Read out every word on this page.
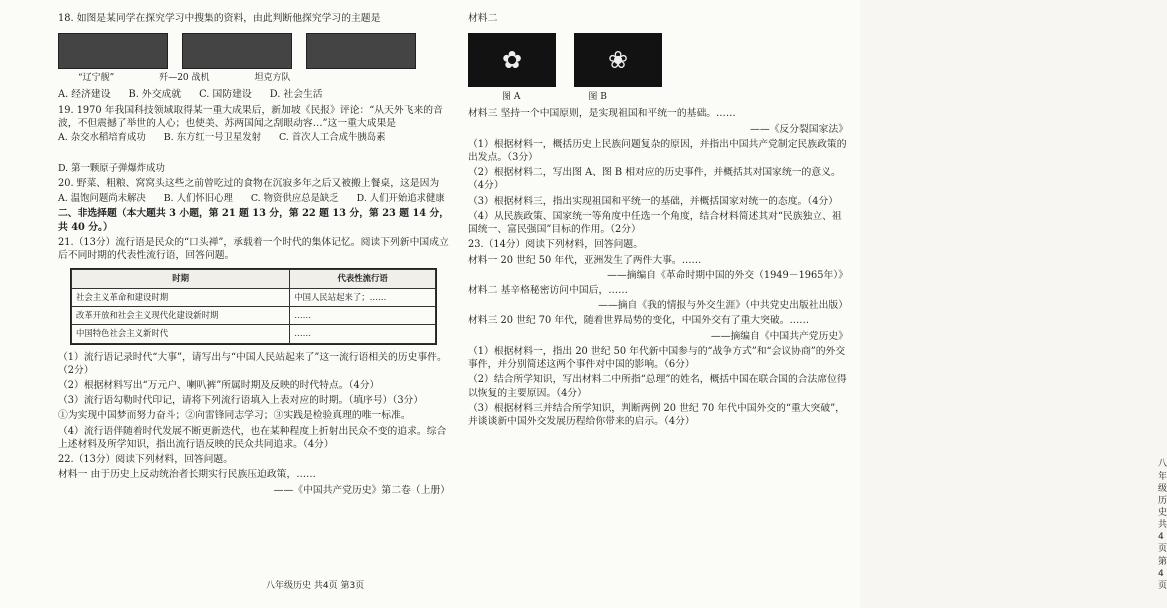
18. 如图是某同学在探究学习中搜集的资料，由此判断他探究学习的主题是
“辽宁舰”	歼—20 战机	坦克方队
A. 经济建设 B. 外交成就 C. 国防建设 D. 社会生活
19. 1970 年我国科技领域取得某一重大成果后，新加坡《民报》评论：“从天外飞来的音波，不但震撼了举世的人心；也使美、苏两国闻之刮眼动容…”这一重大成果是
A. 杂交水稻培育成功 B. 东方红一号卫星发射 C. 首次人工合成牛胰岛素
D. 第一颗原子弹爆炸成功
20. 野菜、粗粮、窝窝头这些之前曾吃过的食物在沉寂多年之后又被搬上餐桌，这是因为
A. 温饱问题尚未解决 B. 人们怀旧心理 C. 物资供应总是缺乏 D. 人们开始追求健康
二、非选择题（本大题共 3 小题，第 21 题 13 分，第 22 题 13 分，第 23 题 14 分，共 40 分。）
21.（13分）流行语是民众的“口头禅”，承载着一个时代的集体记忆。阅读下列新中国成立后不同时期的代表性流行语，回答问题。
时期	代表性流行语
社会主义革命和建设时期	中国人民站起来了；……
改革开放和社会主义现代化建设新时期	……
中国特色社会主义新时代	……
（1）流行语记录时代“大事”，请写出与“中国人民站起来了”这一流行语相关的历史事件。（2分）
（2）根据材料写出“万元户、喇叭裤”所属时期及反映的时代特点。（4分）
（3）流行语勾勒时代印记，请将下列流行语填入上表对应的时期。（填序号）（3分）
①为实现中国梦而努力奋斗；②向雷锋同志学习；③实践是检验真理的唯一标准。
（4）流行语伴随着时代发展不断更新迭代，也在某种程度上折射出民众不变的追求。综合上述材料及所学知识，指出流行语反映的民众共同追求。（4分）
22.（13分）阅读下列材料，回答问题。
材料一 由于历史上反动统治者长期实行民族压迫政策，……
——《中国共产党历史》第二卷（上册）
八年级历史 共4页 第3页
材料二
✿	❀
图 A	图 B
材料三 坚持一个中国原则，是实现祖国和平统一的基础。……
——《反分裂国家法》
（1）根据材料一，概括历史上民族问题复杂的原因，并指出中国共产党制定民族政策的出发点。（3分）
（2）根据材料二，写出图 A、图 B 相对应的历史事件，并概括其对国家统一的意义。（4分）
（3）根据材料三，指出实现祖国和平统一的基础，并概括国家对统一的态度。（4分）
（4）从民族政策、国家统一等角度中任选一个角度，结合材料简述其对“民族独立、祖国统一、富民强国”目标的作用。（2分）
23.（14分）阅读下列材料，回答问题。
材料一 20 世纪 50 年代，亚洲发生了两件大事。……
——摘编自《革命时期中国的外交（1949－1965年）》
材料二 基辛格秘密访问中国后，……
——摘自《我的情报与外交生涯》（中共党史出版社出版）
材料三 20 世纪 70 年代，随着世界局势的变化，中国外交有了重大突破。……
——摘编自《中国共产党历史》
（1）根据材料一，指出 20 世纪 50 年代新中国参与的“战争方式”和“会议协商”的外交事件，并分别简述这两个事件对中国的影响。（6分）
（2）结合所学知识，写出材料二中所指“总理”的姓名，概括中国在联合国的合法席位得以恢复的主要原因。（4分）
（3）根据材料三并结合所学知识，判断两例 20 世纪 70 年代中国外交的“重大突破”，并谈谈新中国外交发展历程给你带来的启示。（4分）
八年级历史 共4页 第4页
